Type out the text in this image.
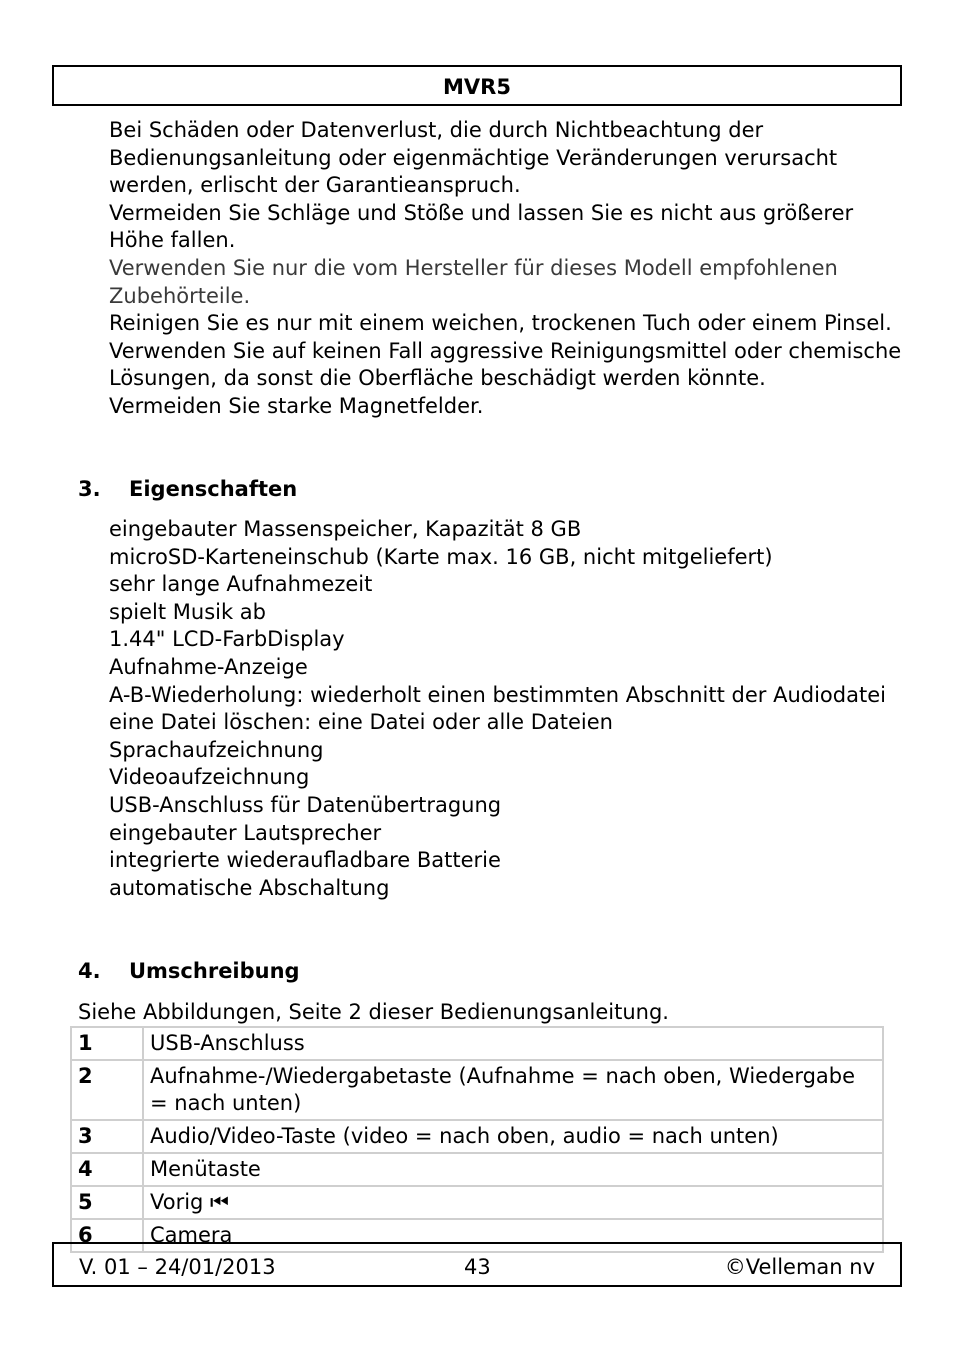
MVR5
Bei Schäden oder Datenverlust, die durch Nichtbeachtung der Bedienungsanleitung oder eigenmächtige Veränderungen verursacht werden, erlischt der Garantieanspruch.
Vermeiden Sie Schläge und Stöße und lassen Sie es nicht aus größerer Höhe fallen.
Verwenden Sie nur die vom Hersteller für dieses Modell empfohlenen Zubehörteile.
Reinigen Sie es nur mit einem weichen, trockenen Tuch oder einem Pinsel. Verwenden Sie auf keinen Fall aggressive Reinigungsmittel oder chemische Lösungen, da sonst die Oberfläche beschädigt werden könnte.
Vermeiden Sie starke Magnetfelder.
3. Eigenschaften
eingebauter Massenspeicher, Kapazität 8 GB
microSD-Karteneinschub (Karte max. 16 GB, nicht mitgeliefert)
sehr lange Aufnahmezeit
spielt Musik ab
1.44" LCD-FarbDisplay
Aufnahme-Anzeige
A-B-Wiederholung: wiederholt einen bestimmten Abschnitt der Audiodatei
eine Datei löschen: eine Datei oder alle Dateien
Sprachaufzeichnung
Videoaufzeichnung
USB-Anschluss für Datenübertragung
eingebauter Lautsprecher
integrierte wiederaufladbare Batterie
automatische Abschaltung
4. Umschreibung
Siehe Abbildungen, Seite 2 dieser Bedienungsanleitung.
1	USB-Anschluss
2	Aufnahme-/Wiedergabetaste (Aufnahme = nach oben, Wiedergabe = nach unten)
3	Audio/Video-Taste (video = nach oben, audio = nach unten)
4	Menütaste
5	Vorig ⏮
6	Camera
V. 01 – 24/01/2013	43	©Velleman nv
